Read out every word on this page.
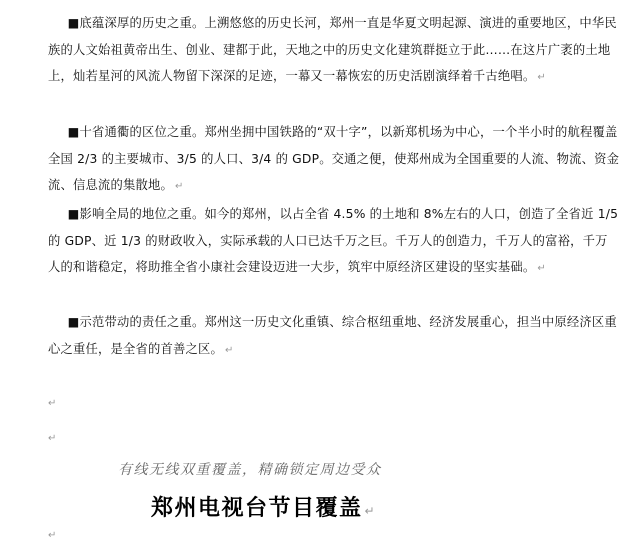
■底蕴深厚的历史之重。上溯悠悠的历史长河，郑州一直是华夏文明起源、演进的重要地区，中华民族的人文始祖黄帝出生、创业、建都于此，天地之中的历史文化建筑群挺立于此……在这片广袤的土地上，灿若星河的风流人物留下深深的足迹，一幕又一幕恢宏的历史活剧演绎着千古绝唱。 ↵

■十省通衢的区位之重。郑州坐拥中国铁路的“双十字”，以新郑机场为中心，一个半小时的航程覆盖全国 2/3 的主要城市、3/5 的人口、3/4 的 GDP。交通之便，使郑州成为全国重要的人流、物流、资金流、信息流的集散地。 ↵

■影响全局的地位之重。如今的郑州，以占全省 4.5% 的土地和 8%左右的人口，创造了全省近 1/5 的 GDP、近 1/3 的财政收入，实际承载的人口已达千万之巨。千万人的创造力，千万人的富裕，千万人的和谐稳定，将助推全省小康社会建设迈进一大步，筑牢中原经济区建设的坚实基础。 ↵

■示范带动的责任之重。郑州这一历史文化重镇、综合枢纽重地、经济发展重心，担当中原经济区重心之重任，是全省的首善之区。 ↵

↵
↵
有线无线双重覆盖，精确锁定周边受众
郑州电视台节目覆盖 ↵
↵
